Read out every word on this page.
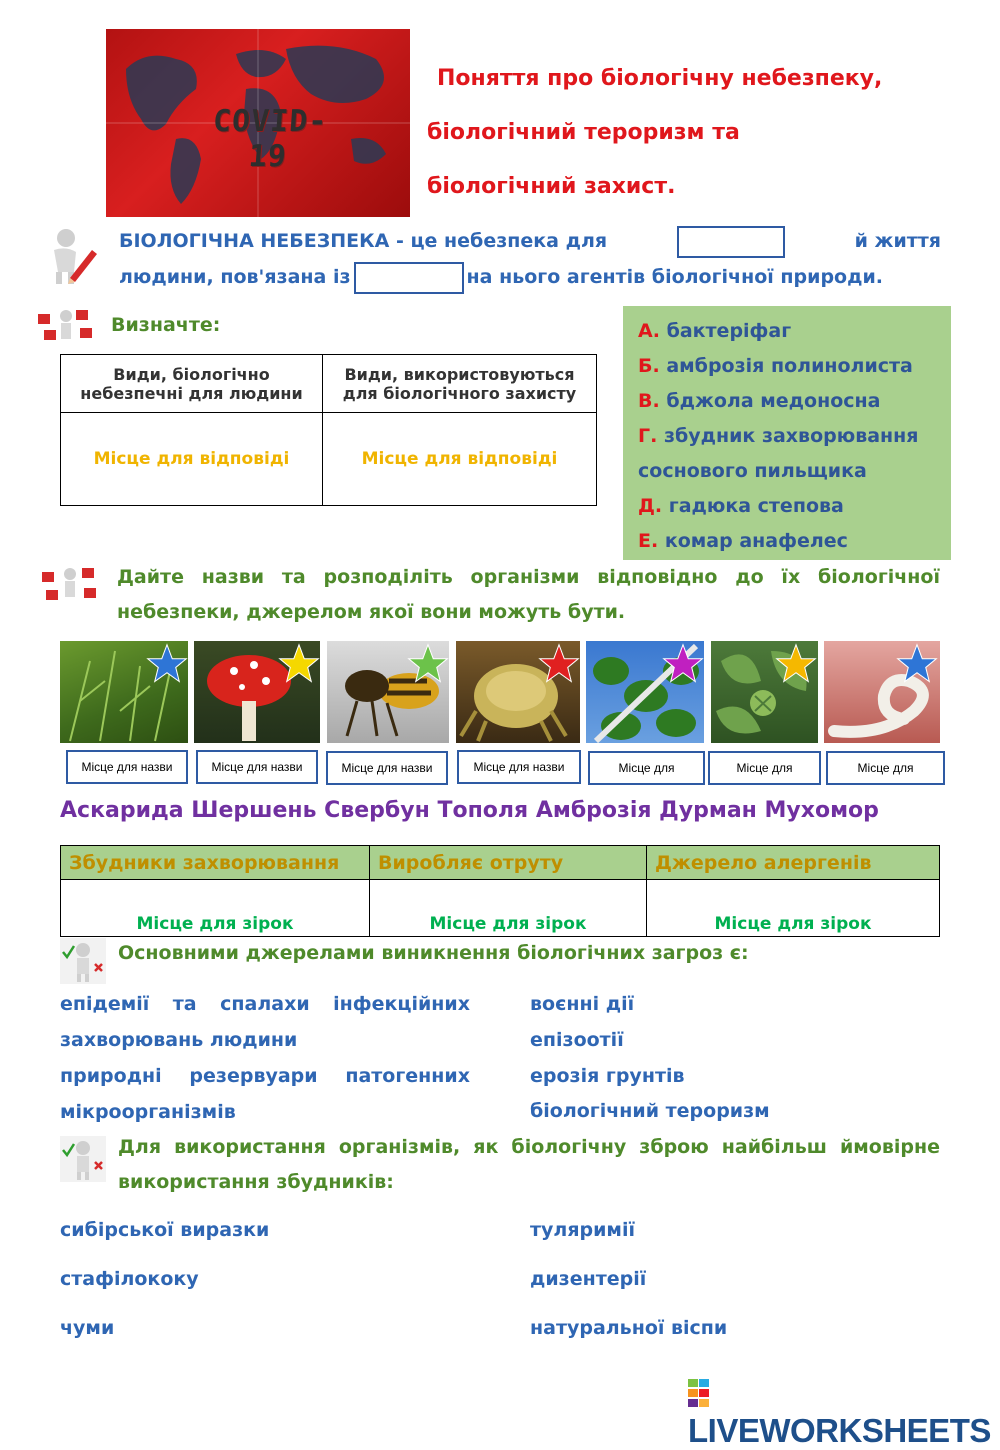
COVID-19
Поняття про біологічну небезпеку,
біологічний тероризм та
біологічний захист.
БІОЛОГІЧНА НЕБЕЗПЕКА - це небезпека для	й життя
людини, пов'язана із	на нього агентів біологічної природи.
Визначте:
Види, біологічно небезпечні для людини	Види, використовуються для біологічного захисту
Місце для відповіді	Місце для відповіді
А. бактеріфаг
Б. амброзія полинолиста
В. бджола медоносна
Г. збудник захворювання соснового пильщика
Д. гадюка степова
Е. комар анафелес
Дайте назви та розподіліть організми відповідно до їх біологічної небезпеки, джерелом якої вони можуть бути.
Місце для назви	Місце для назви	Місце для назви	Місце для назви	Місце для	Місце для	Місце для
Аскарида Шершень Свербун Тополя Амброзія Дурман Мухомор
Збудники захворювання	Виробляє отруту	Джерело алергенів
Місце для зірок	Місце для зірок	Місце для зірок
Основними джерелами виникнення біологічних загроз є:
епідемії та спалахи інфекційних захворювань людини
природні резервуари патогенних мікроорганізмів
воєнні дії
епізоотії
ерозія грунтів
біологічний тероризм
Для використання організмів, як біологічну зброю найбільш ймовірне використання збудників:
сибірської виразки
стафілококу
чуми
туляримії
дизентерії
натуральної віспи
LIVEWORKSHEETS
